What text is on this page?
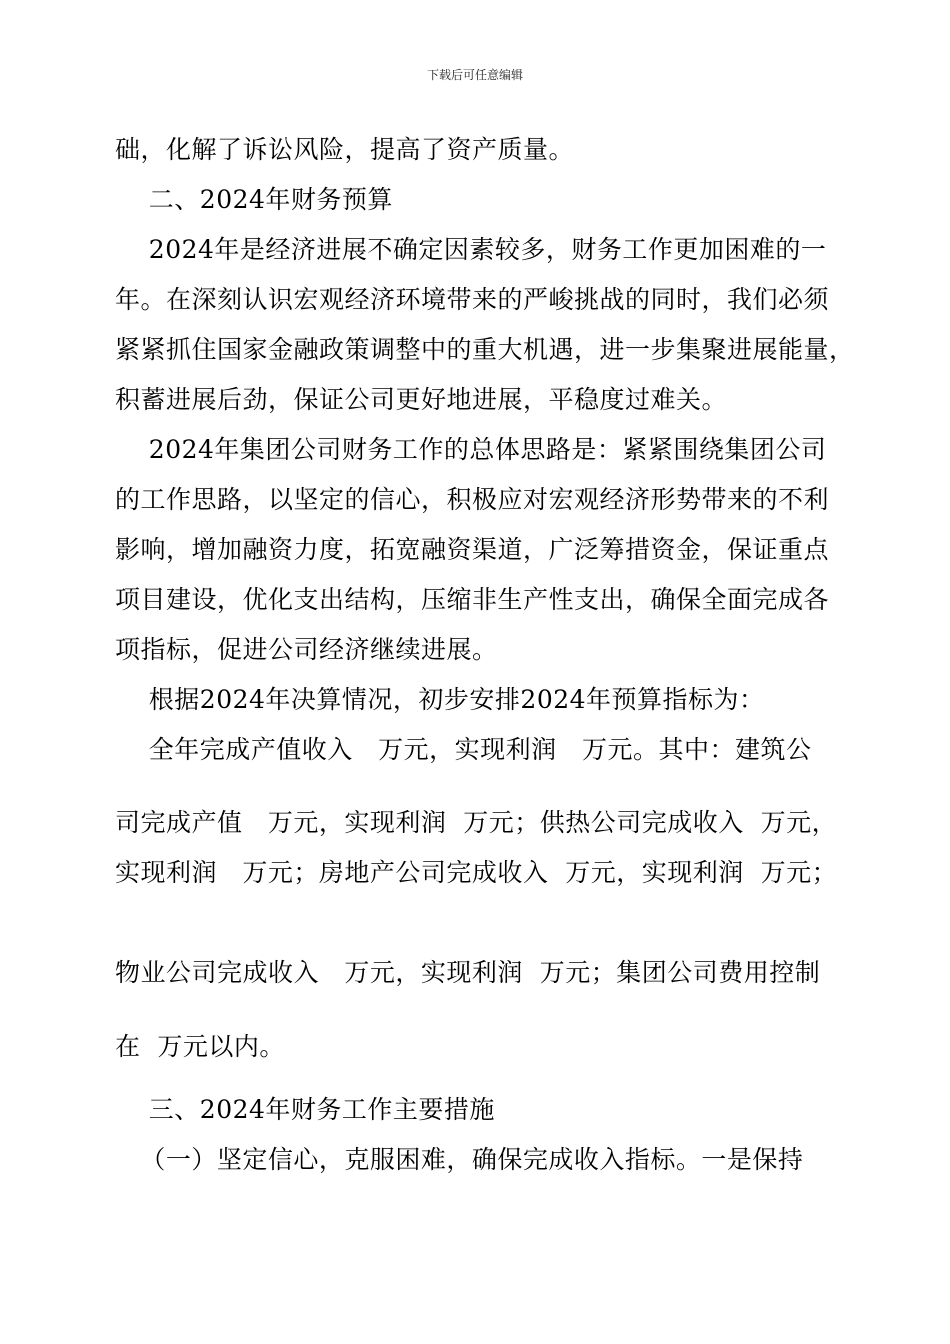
下载后可任意编辑
础，化解了诉讼风险，提高了资产质量。
二、2024年财务预算
2024年是经济进展不确定因素较多，财务工作更加困难的一
年。在深刻认识宏观经济环境带来的严峻挑战的同时，我们必须
紧紧抓住国家金融政策调整中的重大机遇，进一步集聚进展能量，
积蓄进展后劲，保证公司更好地进展，平稳度过难关。
2024年集团公司财务工作的总体思路是：紧紧围绕集团公司
的工作思路，以坚定的信心，积极应对宏观经济形势带来的不利
影响，增加融资力度，拓宽融资渠道，广泛筹措资金，保证重点
项目建设，优化支出结构，压缩非生产性支出，确保全面完成各
项指标，促进公司经济继续进展。
根据2024年决算情况，初步安排2024年预算指标为：
全年完成产值收入   万元，实现利润   万元。其中：建筑公
司完成产值   万元，实现利润  万元；供热公司完成收入  万元，
实现利润   万元；房地产公司完成收入  万元，实现利润  万元；
物业公司完成收入   万元，实现利润  万元；集团公司费用控制
在  万元以内。
三、2024年财务工作主要措施
（一）坚定信心，克服困难，确保完成收入指标。一是保持
